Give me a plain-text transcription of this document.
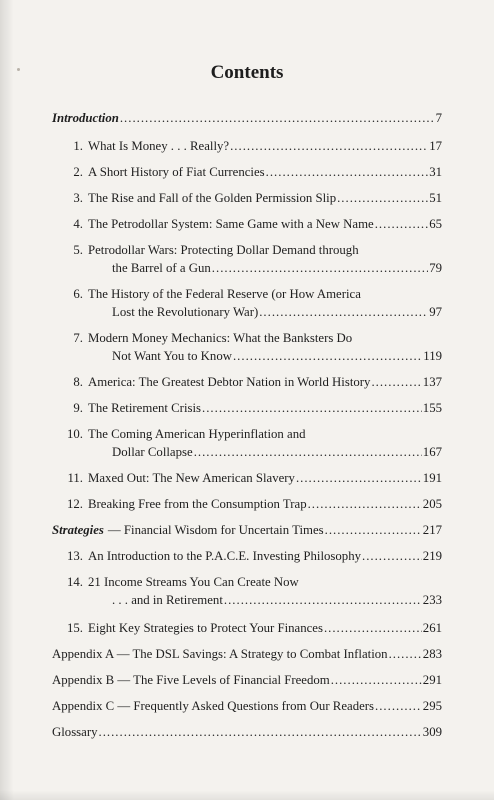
Contents
Introduction .....	7
1. What Is Money . . . Really? .....	17
2. A Short History of Fiat Currencies .....	31
3. The Rise and Fall of the Golden Permission Slip .....	51
4. The Petrodollar System: Same Game with a New Name .....	65
5. Petrodollar Wars: Protecting Dollar Demand through
the Barrel of a Gun .....	79
6. The History of the Federal Reserve (or How America
Lost the Revolutionary War) .....	97
7. Modern Money Mechanics: What the Banksters Do
Not Want You to Know .....	119
8. America: The Greatest Debtor Nation in World History .....	137
9. The Retirement Crisis .....	155
10. The Coming American Hyperinflation and
Dollar Collapse .....	167
11. Maxed Out: The New American Slavery .....	191
12. Breaking Free from the Consumption Trap .....	205
Strategies — Financial Wisdom for Uncertain Times .....	217
13. An Introduction to the P.A.C.E. Investing Philosophy .....	219
14. 21 Income Streams You Can Create Now
. . . and in Retirement .....	233
15. Eight Key Strategies to Protect Your Finances .....	261
Appendix A — The DSL Savings: A Strategy to Combat Inflation .....	283
Appendix B — The Five Levels of Financial Freedom .....	291
Appendix C — Frequently Asked Questions from Our Readers .....	295
Glossary .....	309
